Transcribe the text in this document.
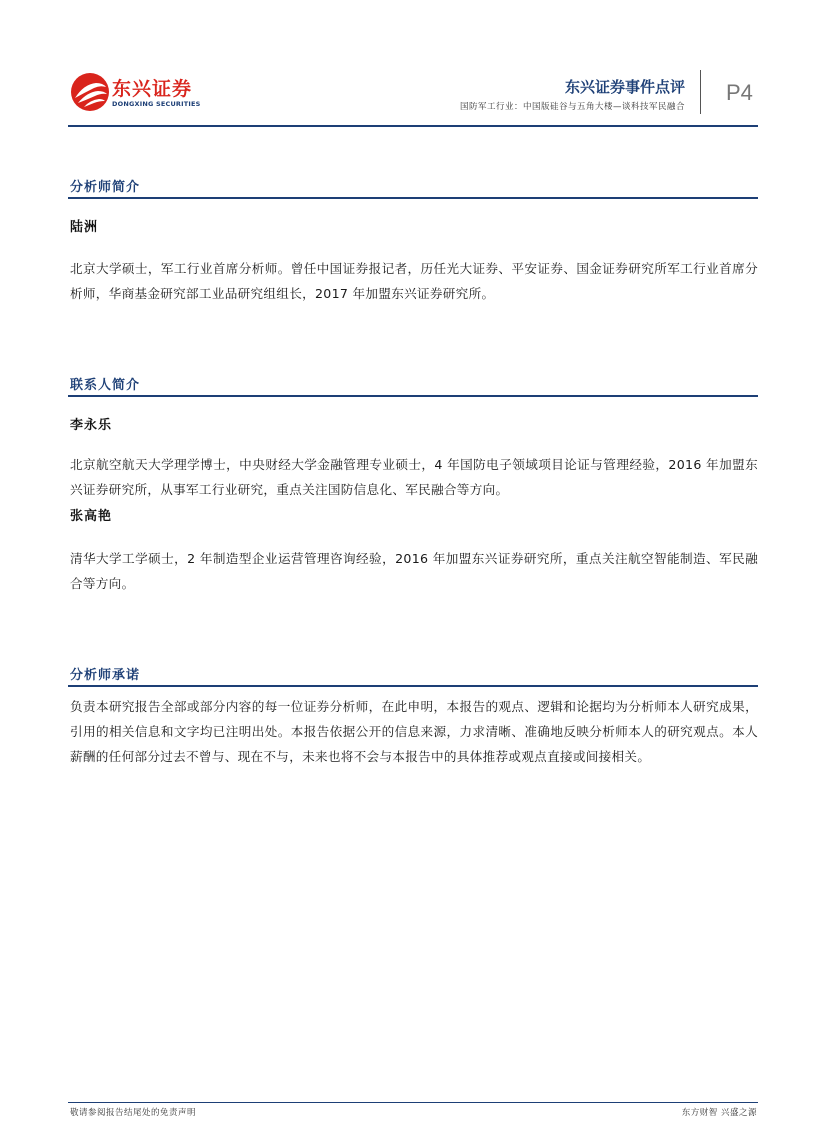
东兴证券
DONGXING SECURITIES
东兴证券事件点评
国防军工行业：中国版硅谷与五角大楼—谈科技军民融合
P4
分析师简介
陆洲
北京大学硕士，军工行业首席分析师。曾任中国证券报记者，历任光大证券、平安证券、国金证券研究所军工行业首席分析师，华商基金研究部工业品研究组组长，2017 年加盟东兴证券研究所。
联系人简介
李永乐
北京航空航天大学理学博士，中央财经大学金融管理专业硕士，4 年国防电子领域项目论证与管理经验，2016 年加盟东兴证券研究所，从事军工行业研究，重点关注国防信息化、军民融合等方向。
张高艳
清华大学工学硕士，2 年制造型企业运营管理咨询经验，2016 年加盟东兴证券研究所，重点关注航空智能制造、军民融合等方向。
分析师承诺
负责本研究报告全部或部分内容的每一位证券分析师，在此申明，本报告的观点、逻辑和论据均为分析师本人研究成果，引用的相关信息和文字均已注明出处。本报告依据公开的信息来源，力求清晰、准确地反映分析师本人的研究观点。本人薪酬的任何部分过去不曾与、现在不与，未来也将不会与本报告中的具体推荐或观点直接或间接相关。
敬请参阅报告结尾处的免责声明	东方财智 兴盛之源
